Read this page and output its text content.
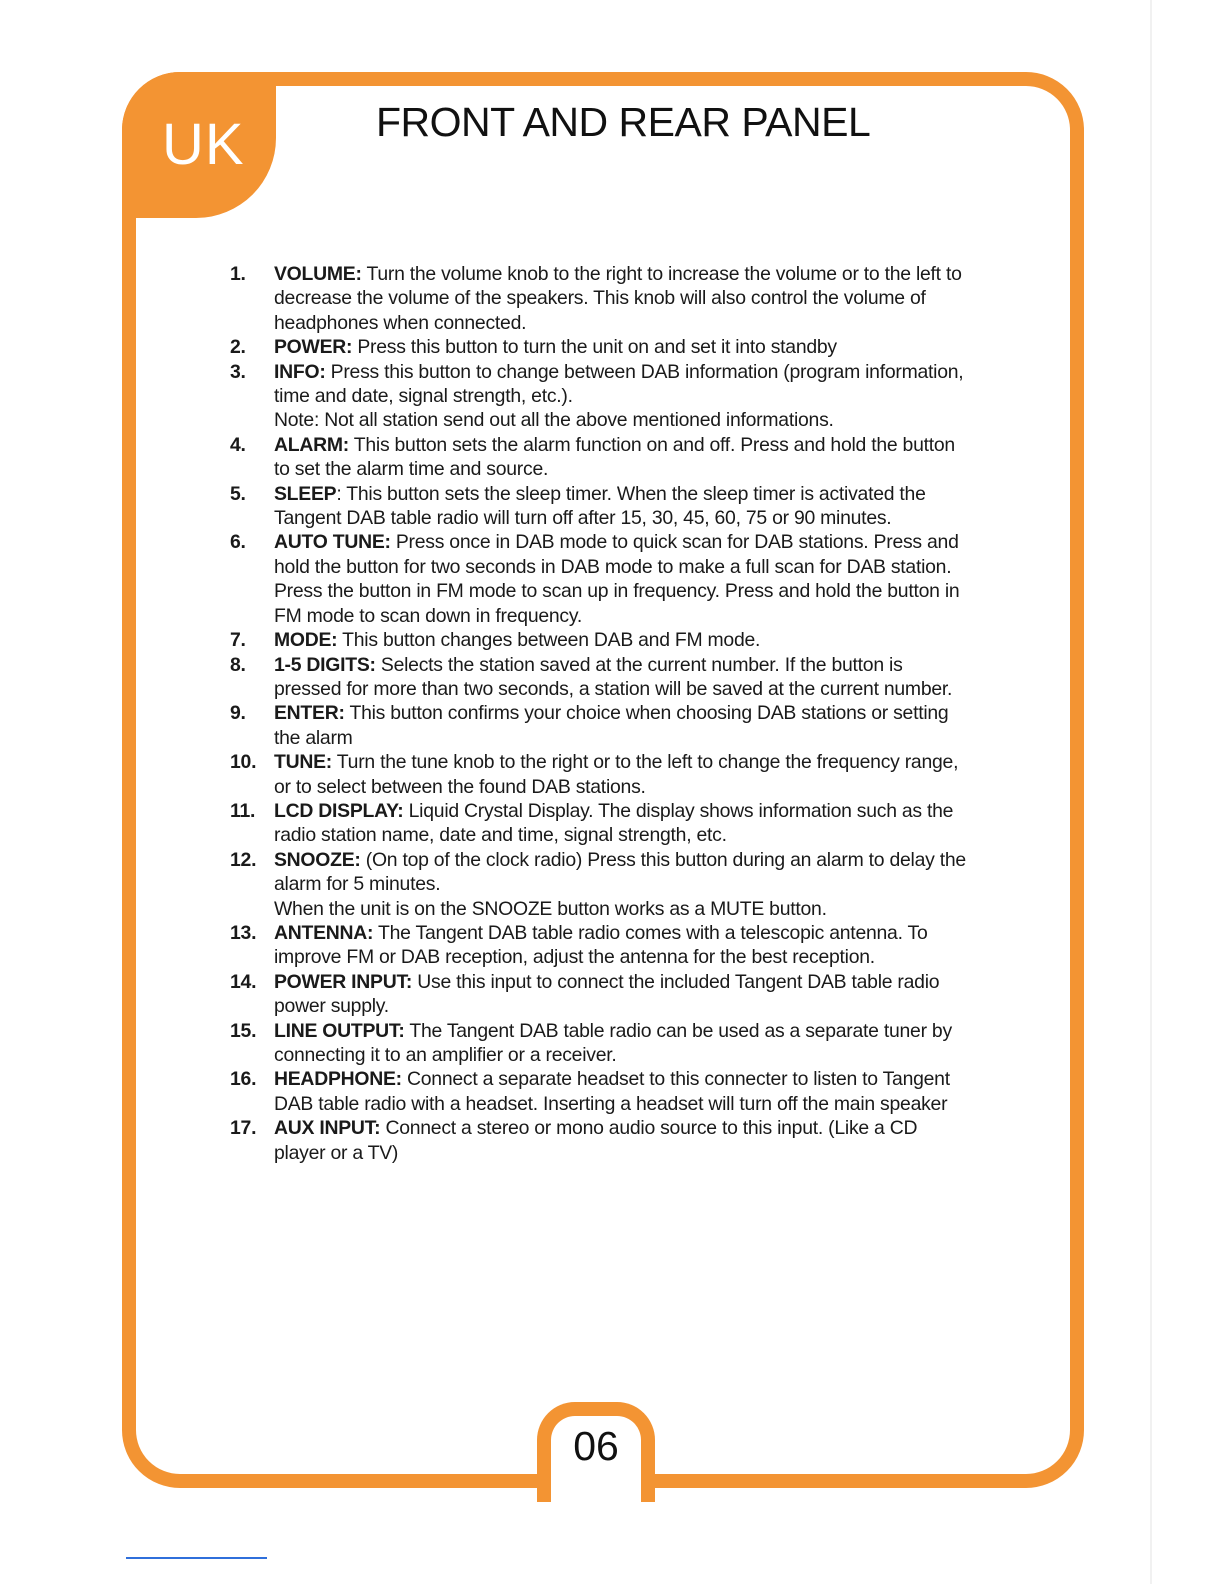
UK	FRONT AND REAR PANEL
1.	VOLUME: Turn the volume knob to the right to increase the volume or to the left to decrease the volume of the speakers. This knob will also control the volume of headphones when connected.
2.	POWER: Press this button to turn the unit on and set it into standby
3.	INFO: Press this button to change between DAB information (program information, time and date, signal strength, etc.).
Note: Not all station send out all the above mentioned informations.
4.	ALARM: This button sets the alarm function on and off. Press and hold the button to set the alarm time and source.
5.	SLEEP: This button sets the sleep timer. When the sleep timer is activated the Tangent DAB table radio will turn off after 15, 30, 45, 60, 75 or 90 minutes.
6.	AUTO TUNE: Press once in DAB mode to quick scan for DAB stations. Press and hold the button for two seconds in DAB mode to make a full scan for DAB station.
Press the button in FM mode to scan up in frequency. Press and hold the button in FM mode to scan down in frequency.
7.	MODE: This button changes between DAB and FM mode.
8.	1-5 DIGITS: Selects the station saved at the current number. If the button is pressed for more than two seconds, a station will be saved at the current number.
9.	ENTER: This button confirms your choice when choosing DAB stations or setting the alarm
10. TUNE: Turn the tune knob to the right or to the left to change the frequency range, or to select between the found DAB stations.
11. LCD DISPLAY: Liquid Crystal Display. The display shows information such as the radio station name, date and time, signal strength, etc.
12. SNOOZE: (On top of the clock radio) Press this button during an alarm to delay the alarm for 5 minutes.
When the unit is on the SNOOZE button works as a MUTE button.
13. ANTENNA: The Tangent DAB table radio comes with a telescopic antenna. To improve FM or DAB reception, adjust the antenna for the best reception.
14. POWER INPUT: Use this input to connect the included Tangent DAB table radio power supply.
15. LINE OUTPUT: The Tangent DAB table radio can be used as a separate tuner by connecting it to an amplifier or a receiver.
16. HEADPHONE: Connect a separate headset to this connecter to listen to Tangent DAB table radio with a headset. Inserting a headset will turn off the main speaker
17. AUX INPUT: Connect a stereo or mono audio source to this input. (Like a CD player or a TV)
06
